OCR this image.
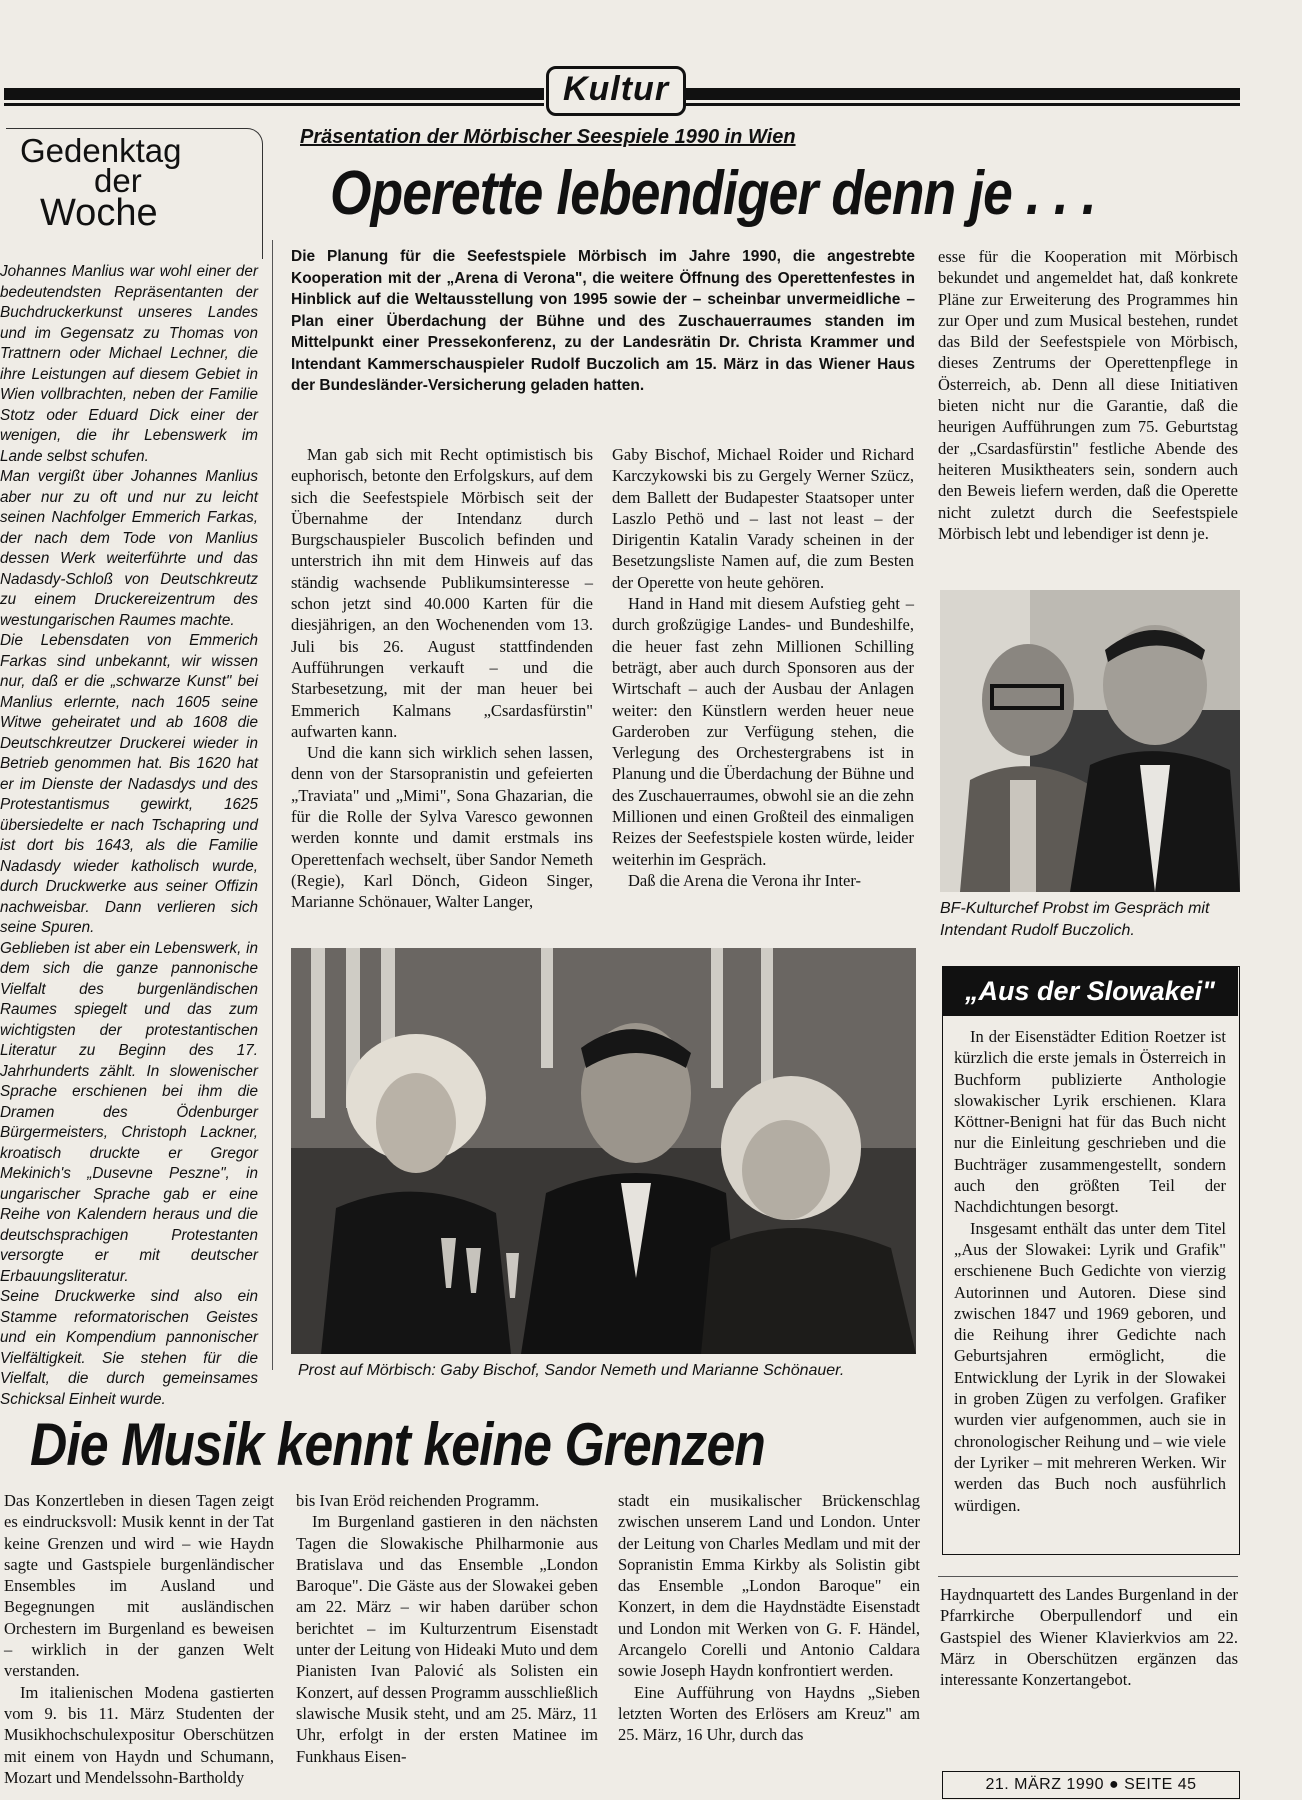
Kultur
Präsentation der Mörbischer Seespiele 1990 in Wien
Operette lebendiger denn je . . .
Gedenktag
der
Woche

Johannes Manlius war wohl einer der bedeutendsten Repräsentanten der Buchdruckerkunst unseres Landes und im Gegensatz zu Thomas von Trattnern oder Michael Lechner, die ihre Leistungen auf diesem Gebiet in Wien vollbrachten, neben der Familie Stotz oder Eduard Dick einer der wenigen, die ihr Lebenswerk im Lande selbst schufen.

Man vergißt über Johannes Manlius aber nur zu oft und nur zu leicht seinen Nachfolger Emmerich Farkas, der nach dem Tode von Manlius dessen Werk weiterführte und das Nadasdy-Schloß von Deutschkreutz zu einem Druckereizentrum des westungarischen Raumes machte.

Die Lebensdaten von Emmerich Farkas sind unbekannt, wir wissen nur, daß er die „schwarze Kunst" bei Manlius erlernte, nach 1605 seine Witwe geheiratet und ab 1608 die Deutschkreutzer Druckerei wieder in Betrieb genommen hat. Bis 1620 hat er im Dienste der Nadasdys und des Protestantismus gewirkt, 1625 übersiedelte er nach Tschapring und ist dort bis 1643, als die Familie Nadasdy wieder katholisch wurde, durch Druckwerke aus seiner Offizin nachweisbar. Dann verlieren sich seine Spuren.

Geblieben ist aber ein Lebenswerk, in dem sich die ganze pannonische Vielfalt des burgenländischen Raumes spiegelt und das zum wichtigsten der protestantischen Literatur zu Beginn des 17. Jahrhunderts zählt. In slowenischer Sprache erschienen bei ihm die Dramen des Ödenburger Bürgermeisters, Christoph Lackner, kroatisch druckte er Gregor Mekinich's „Dusevne Peszne", in ungarischer Sprache gab er eine Reihe von Kalendern heraus und die deutschsprachigen Protestanten versorgte er mit deutscher Erbauungsliteratur.

Seine Druckwerke sind also ein Stamme reformatorischen Geistes und ein Kompendium pannonischer Vielfältigkeit. Sie stehen für die Vielfalt, die durch gemeinsames Schicksal Einheit wurde.

Die Planung für die Seefestspiele Mörbisch im Jahre 1990, die angestrebte Kooperation mit der „Arena di Verona", die weitere Öffnung des Operettenfestes in Hinblick auf die Weltausstellung von 1995 sowie der – scheinbar unvermeidliche – Plan einer Überdachung der Bühne und des Zuschauerraumes standen im Mittelpunkt einer Pressekonferenz, zu der Landesrätin Dr. Christa Krammer und Intendant Kammerschauspieler Rudolf Buczolich am 15. März in das Wiener Haus der Bundesländer-Versicherung geladen hatten.

Man gab sich mit Recht optimistisch bis euphorisch, betonte den Erfolgskurs, auf dem sich die Seefestspiele Mörbisch seit der Übernahme der Intendanz durch Burgschauspieler Buscolich befinden und unterstrich ihn mit dem Hinweis auf das ständig wachsende Publikumsinteresse – schon jetzt sind 40.000 Karten für die diesjährigen, an den Wochenenden vom 13. Juli bis 26. August stattfindenden Aufführungen verkauft – und die Starbesetzung, mit der man heuer bei Emmerich Kalmans „Csardasfürstin" aufwarten kann.

Und die kann sich wirklich sehen lassen, denn von der Starsopranistin und gefeierten „Traviata" und „Mimi", Sona Ghazarian, die für die Rolle der Sylva Varesco gewonnen werden konnte und damit erstmals ins Operettenfach wechselt, über Sandor Nemeth (Regie), Karl Dönch, Gideon Singer, Marianne Schönauer, Walter Langer,

Gaby Bischof, Michael Roider und Richard Karczykowski bis zu Gergely Werner Szücz, dem Ballett der Budapester Staatsoper unter Laszlo Pethö und – last not least – der Dirigentin Katalin Varady scheinen in der Besetzungsliste Namen auf, die zum Besten der Operette von heute gehören.

Hand in Hand mit diesem Aufstieg geht – durch großzügige Landes- und Bundeshilfe, die heuer fast zehn Millionen Schilling beträgt, aber auch durch Sponsoren aus der Wirtschaft – auch der Ausbau der Anlagen weiter: den Künstlern werden heuer neue Garderoben zur Verfügung stehen, die Verlegung des Orchestergrabens ist in Planung und die Überdachung der Bühne und des Zuschauerraumes, obwohl sie an die zehn Millionen und einen Großteil des einmaligen Reizes der Seefestspiele kosten würde, leider weiterhin im Gespräch.

Daß die Arena die Verona ihr Inter-

esse für die Kooperation mit Mörbisch bekundet und angemeldet hat, daß konkrete Pläne zur Erweiterung des Programmes hin zur Oper und zum Musical bestehen, rundet das Bild der Seefestspiele von Mörbisch, dieses Zentrums der Operettenpflege in Österreich, ab. Denn all diese Initiativen bieten nicht nur die Garantie, daß die heurigen Aufführungen zum 75. Geburtstag der „Csardasfürstin" festliche Abende des heiteren Musiktheaters sein, sondern auch den Beweis liefern werden, daß die Operette nicht zuletzt durch die Seefestspiele Mörbisch lebt und lebendiger ist denn je.

BF-Kulturchef Probst im Gespräch mit Intendant Rudolf Buczolich.
Prost auf Mörbisch: Gaby Bischof, Sandor Nemeth und Marianne Schönauer.
„Aus der Slowakei"

In der Eisenstädter Edition Roetzer ist kürzlich die erste jemals in Österreich in Buchform publizierte Anthologie slowakischer Lyrik erschienen. Klara Köttner-Benigni hat für das Buch nicht nur die Einleitung geschrieben und die Buchträger zusammengestellt, sondern auch den größten Teil der Nachdichtungen besorgt.

Insgesamt enthält das unter dem Titel „Aus der Slowakei: Lyrik und Grafik" erschienene Buch Gedichte von vierzig Autorinnen und Autoren. Diese sind zwischen 1847 und 1969 geboren, und die Reihung ihrer Gedichte nach Geburtsjahren ermöglicht, die Entwicklung der Lyrik in der Slowakei in groben Zügen zu verfolgen. Grafiker wurden vier aufgenommen, auch sie in chronologischer Reihung und – wie viele der Lyriker – mit mehreren Werken. Wir werden das Buch noch ausführlich würdigen.

Die Musik kennt keine Grenzen

Das Konzertleben in diesen Tagen zeigt es eindrucksvoll: Musik kennt in der Tat keine Grenzen und wird – wie Haydn sagte und Gastspiele burgenländischer Ensembles im Ausland und Begegnungen mit ausländischen Orchestern im Burgenland es beweisen – wirklich in der ganzen Welt verstanden.

Im italienischen Modena gastierten vom 9. bis 11. März Studenten der Musikhochschulexpositur Oberschützen mit einem von Haydn und Schumann, Mozart und Mendelssohn-Bartholdy

bis Ivan Eröd reichenden Programm.

Im Burgenland gastieren in den nächsten Tagen die Slowakische Philharmonie aus Bratislava und das Ensemble „London Baroque". Die Gäste aus der Slowakei geben am 22. März – wir haben darüber schon berichtet – im Kulturzentrum Eisenstadt unter der Leitung von Hideaki Muto und dem Pianisten Ivan Palović als Solisten ein Konzert, auf dessen Programm ausschließlich slawische Musik steht, und am 25. März, 11 Uhr, erfolgt in der ersten Matinee im Funkhaus Eisen-

stadt ein musikalischer Brückenschlag zwischen unserem Land und London. Unter der Leitung von Charles Medlam und mit der Sopranistin Emma Kirkby als Solistin gibt das Ensemble „London Baroque" ein Konzert, in dem die Haydnstädte Eisenstadt und London mit Werken von G. F. Händel, Arcangelo Corelli und Antonio Caldara sowie Joseph Haydn konfrontiert werden.

Eine Aufführung von Haydns „Sieben letzten Worten des Erlösers am Kreuz" am 25. März, 16 Uhr, durch das

Haydnquartett des Landes Burgenland in der Pfarrkirche Oberpullendorf und ein Gastspiel des Wiener Klavierkvios am 22. März in Oberschützen ergänzen das interessante Konzertangebot.

21. MÄRZ 1990 ● SEITE 45
